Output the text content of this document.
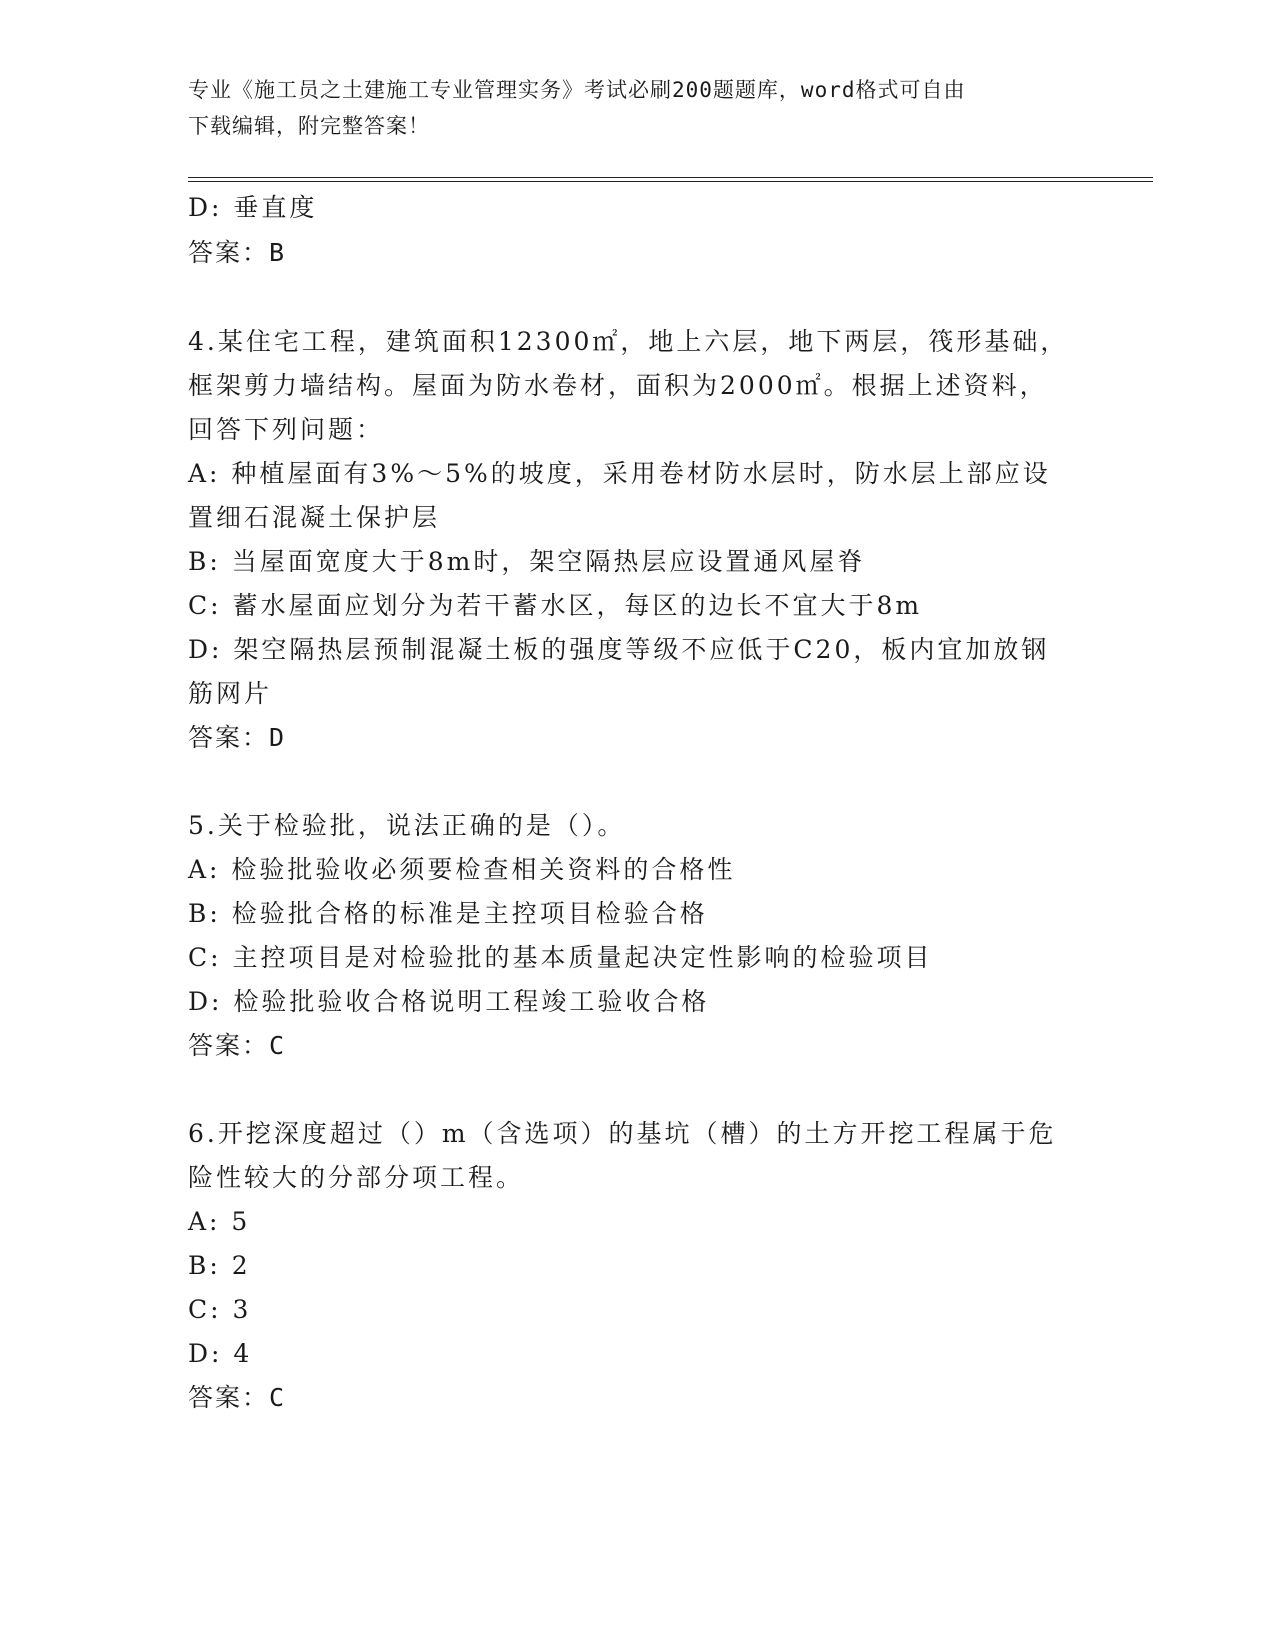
专业《施工员之土建施工专业管理实务》考试必刷200题题库，word格式可自由
下载编辑，附完整答案！
D: 垂直度
答案：B
4.某住宅工程，建筑面积12300㎡，地上六层，地下两层，筏形基础，
框架剪力墙结构。屋面为防水卷材，面积为2000㎡。根据上述资料，
回答下列问题：
A: 种植屋面有3%～5%的坡度，采用卷材防水层时，防水层上部应设
置细石混凝土保护层
B: 当屋面宽度大于8m时，架空隔热层应设置通风屋脊
C: 蓄水屋面应划分为若干蓄水区，每区的边长不宜大于8m
D: 架空隔热层预制混凝土板的强度等级不应低于C20，板内宜加放钢
筋网片
答案：D
5.关于检验批，说法正确的是（）。
A: 检验批验收必须要检查相关资料的合格性
B: 检验批合格的标准是主控项目检验合格
C: 主控项目是对检验批的基本质量起决定性影响的检验项目
D: 检验批验收合格说明工程竣工验收合格
答案：C
6.开挖深度超过（）m（含选项）的基坑（槽）的土方开挖工程属于危
险性较大的分部分项工程。
A: 5
B: 2
C: 3
D: 4
答案：C
